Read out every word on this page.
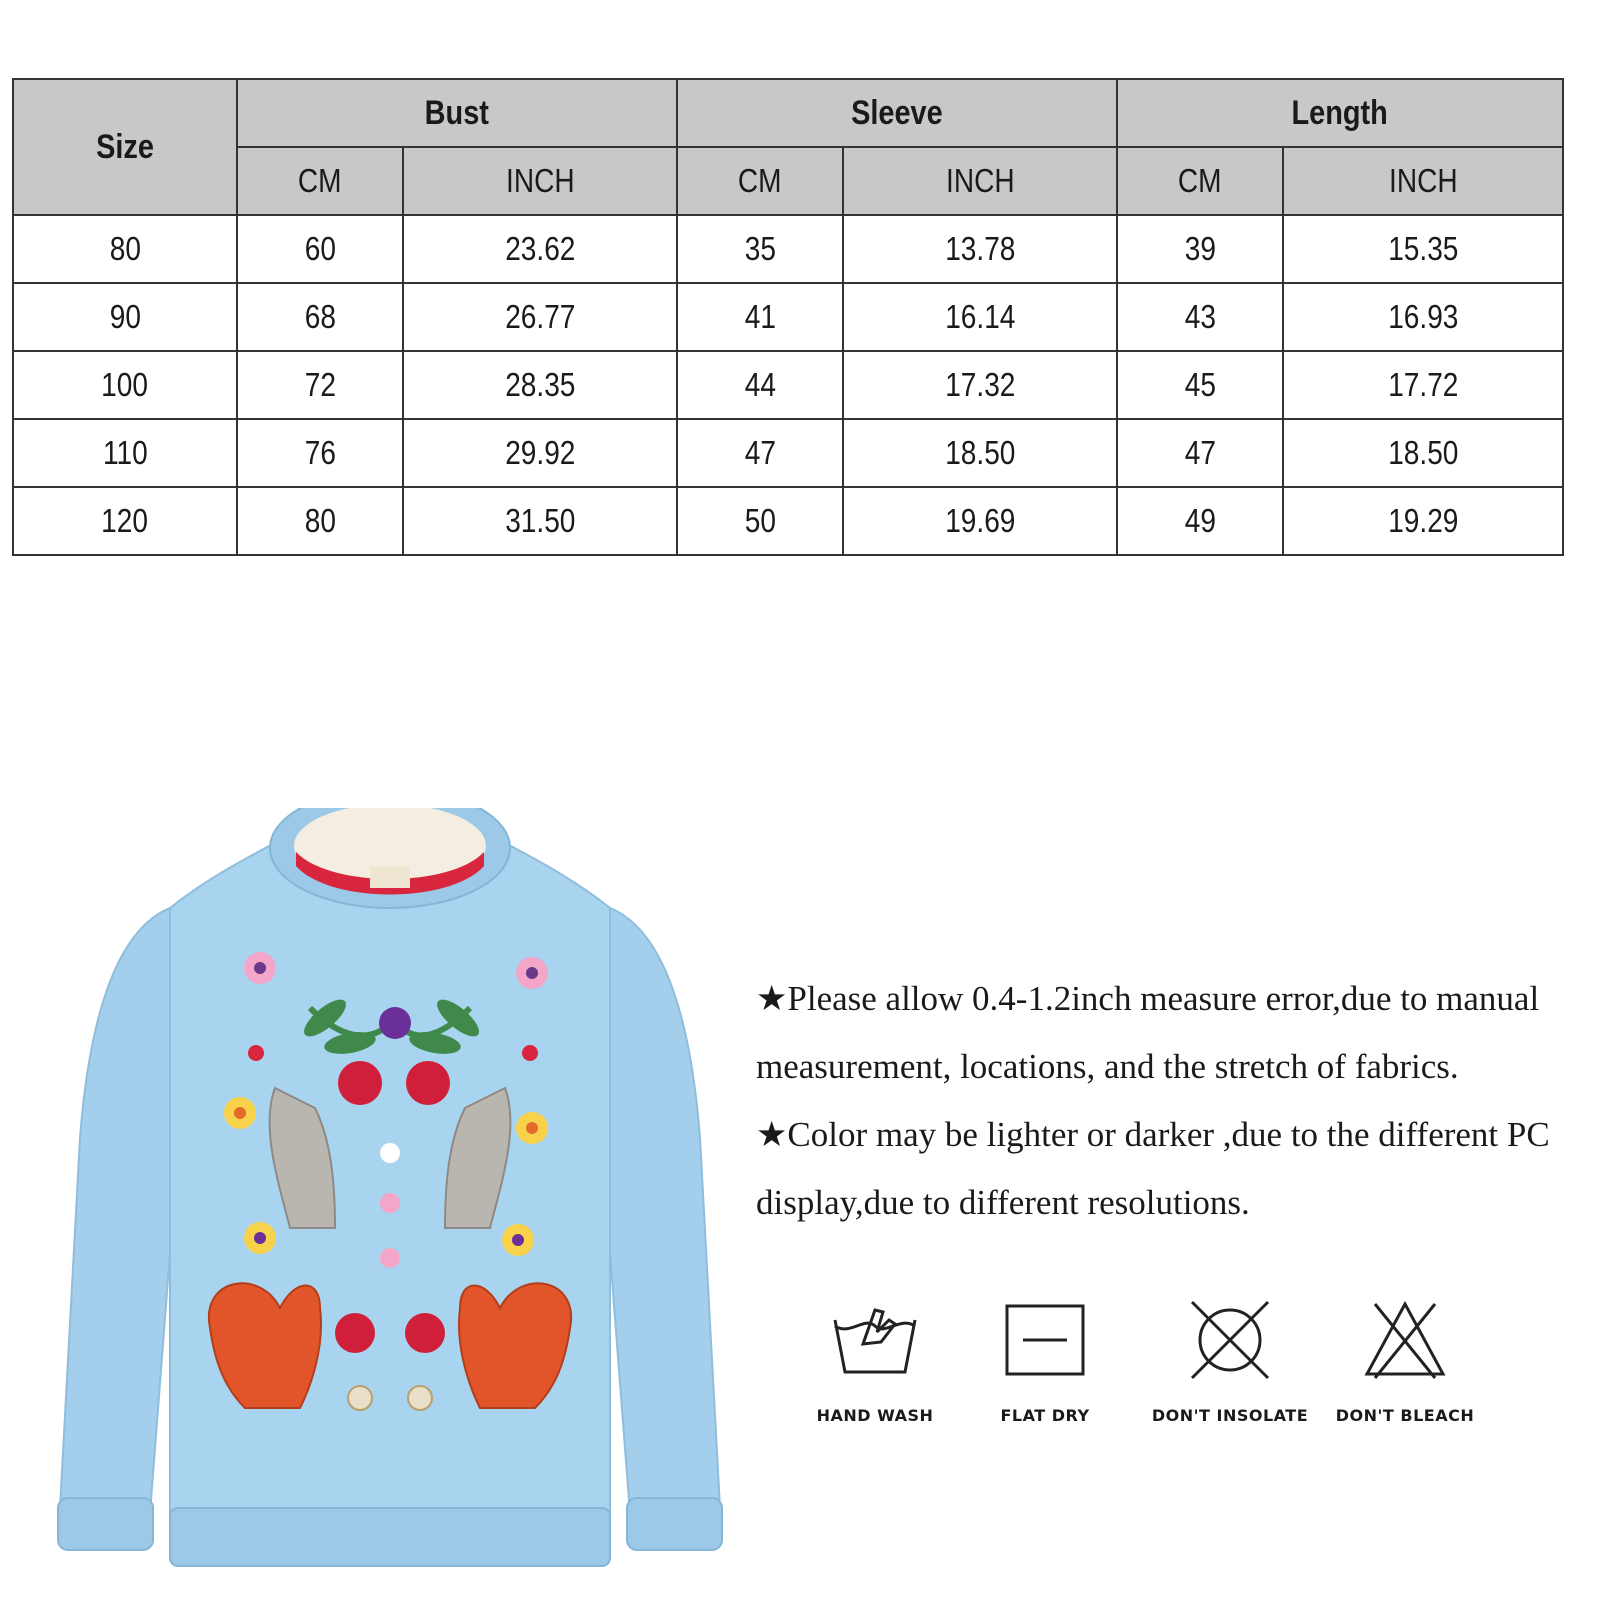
Size	Bust		Sleeve		Length	
	CM	INCH	CM	INCH	CM	INCH
80	60	23.62	35	13.78	39	15.35
90	68	26.77	41	16.14	43	16.93
100	72	28.35	44	17.32	45	17.72
110	76	29.92	47	18.50	47	18.50
120	80	31.50	50	19.69	49	19.29

★Please allow 0.4-1.2inch measure error,due to manual measurement, locations, and the stretch of fabrics.

★Color may be lighter or darker ,due to the different PC display,due to different resolutions.

HAND WASH	FLAT DRY	DON'T INSOLATE	DON'T BLEACH
